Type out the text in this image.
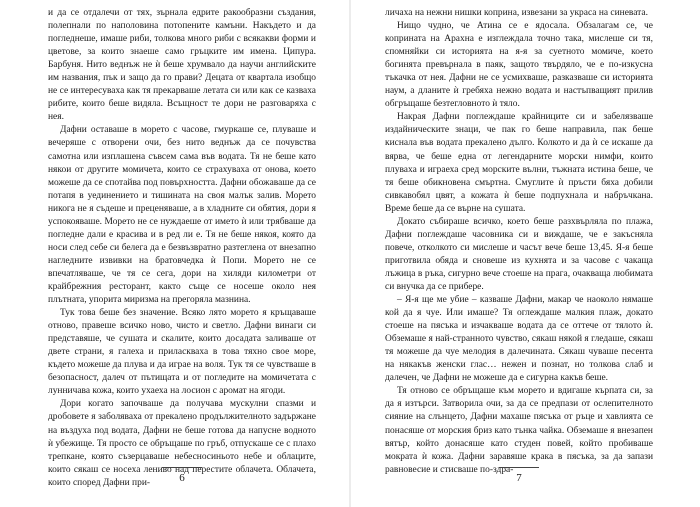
и да се отдалечи от тях, зърнала едрите ракообразни създания, полепнали по наполовина потопените камъни. Накъдето и да погледнеше, имаше риби, толкова много риби с всякакви форми и цветове, за които знаеше само гръцките им имена. Ципура. Барбуня. Нито веднъж не ѝ беше хрумвало да научи английските им названия, пък и защо да го прави? Децата от квартала изобщо не се интересуваха как тя прекарваше летата си или как се казваха рибите, които беше видяла. Всъщност те дори не разговаряха с нея.

Дафни оставаше в морето с часове, гмуркаше се, плуваше и вечеряше с отворени очи, без нито веднъж да се почувства самотна или изплашена съвсем сама във водата. Тя не беше като някои от другите момичета, които се страхуваха от онова, което можеше да се спотайва под повърхността. Дафни обожаваше да се потапя в уединението и тишината на своя малък залив. Морето никога не я съдеше и преценяваше, а в хладните си обятия, дори я успокояваше. Морето не се нуждаеше от името ѝ или трябваше да погледне дали е красива и в ред ли е. Тя не беше някоя, която да носи след себе си белега да е безвъзвратно разтеглена от внезапно нагледните извивки на братовчедка ѝ Попи. Морето не се впечатляваше, че тя се сега, дори на хиляди километри от крайбрежния ресторант, както съще се носеше около нея плътната, упорита миризма на прегоряла мазнина.

Тук това беше без значение. Всяко лято морето я кръщаваше отново, правеше всичко ново, чисто и светло. Дафни винаги си представяше, че сушата и скалите, които досадата заливаше от двете страни, я галеха и приласкваха в това тяхно свое море, където можеше да плува и да играе на воля. Тук тя се чувстваше в безопасност, далеч от пътищата и от погледите на момичетата с лунничава кожа, които ухаеха на лосион с аромат на ягоди.

Дори когато започваше да получава мускулни спазми и дробовете я заболяваха от прекалено продължителното задържане на въздуха под водата, Дафни не беше готова да напусне водното ѝ убежище. Тя просто се обръщаше по гръб, отпускаше се с плахо трепкане, която съзерцаваше небесносиньото небе и облаците, които сякаш се носеха лениво над перестите облачета. Облачета, които според Дафни при-

личаха на нежни нишки коприна, извезани за украса на синевата.

Нищо чудно, че Атина се е ядосала. Обзалагам се, че коприната на Арахна е изглеждала точно така, мислеше си тя, спомняйки си историята на я-я за суетното момиче, което богинята превърнала в паяк, защото твърдяло, че е по-изкусна тъкачка от нея. Дафни не се усмихваше, разказваше си историята наум, а дланите ѝ гребяха нежно водата и настъпващият прилив обгръщаше безтегловното ѝ тяло.

Накрая Дафни поглеждаше крайниците си и забелязваше издайническите знаци, че пак го беше направила, пак беше киснала във водата прекалено дълго. Колкото и да ѝ се искаше да вярва, че беше една от легендарните морски нимфи, които плуваха и играеха сред морските вълни, тъжната истина беше, че тя беше обикновена смъртна. Смуглите ѝ пръсти бяха добили сивкавобял цвят, а кожата ѝ беше подпухнала и набръчкана. Време беше да се върне на сушата.

Докато събираше всичко, което беше разхвърляла по плажа, Дафни поглеждаше часовника си и виждаше, че е закъсняла повече, отколкото си мислеше и часът вече беше 13,45. Я-я беше приготвила обяда и сновеше из кухнята и за часове с чакаща лъжица в ръка, сигурно вече стоеше на прага, очакваща любимата си внучка да се прибере.

– Я-я ще ме убие – казваше Дафни, макар че наоколо нямаше кой да я чуе. Или имаше? Тя оглеждаше малкия плаж, докато стоеше на пясъка и изчакваше водата да се оттече от тялото ѝ. Обземаше я най-странното чувство, сякаш някой я гледаше, сякаш тя можеше да чуе мелодия в далечината. Сякаш чуваше песента на някакъв женски глас… нежен и познат, но толкова слаб и далечен, че Дафни не можеше да е сигурна какъв беше.

Тя отново се обръщаше към морето и вдигаше кърпата си, за да я изтърси. Затворила очи, за да се предпази от ослепителното сияние на слънцето, Дафни махаше пясъка от ръце и хавлията се понасяше от морския бриз като тънка чайка. Обземаше я внезапен вятър, който донасяше като студен повей, който пробиваше мократа ѝ кожа. Дафни заравяше крака в пясъка, за да запази равновесие и стисваше по-здра-

6	7
